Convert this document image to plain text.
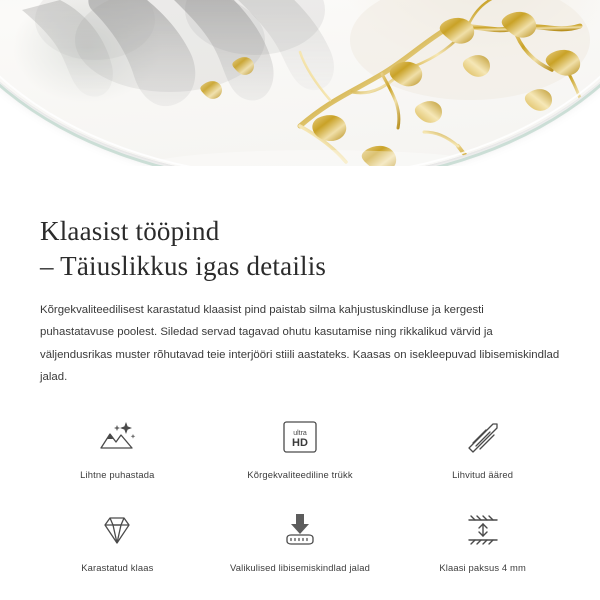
Klaasist tööpind
– Täiuslikkus igas detailis

Kõrgekvaliteedilisest karastatud klaasist pind paistab silma kahjustuskindluse ja kergesti puhastatavuse poolest. Siledad servad tagavad ohutu kasutamise ning rikkalikud värvid ja väljendusrikas muster rõhutavad teie interjööri stiili aastateks. Kaasas on isekleepuvad libisemiskindlad jalad.

Lihtne puhastada
ultra
HD
Kõrgekvaliteediline trükk	Lihvitud ääred
Karastatud klaas	Valikulised libisemiskindlad jalad	Klaasi paksus 4 mm
